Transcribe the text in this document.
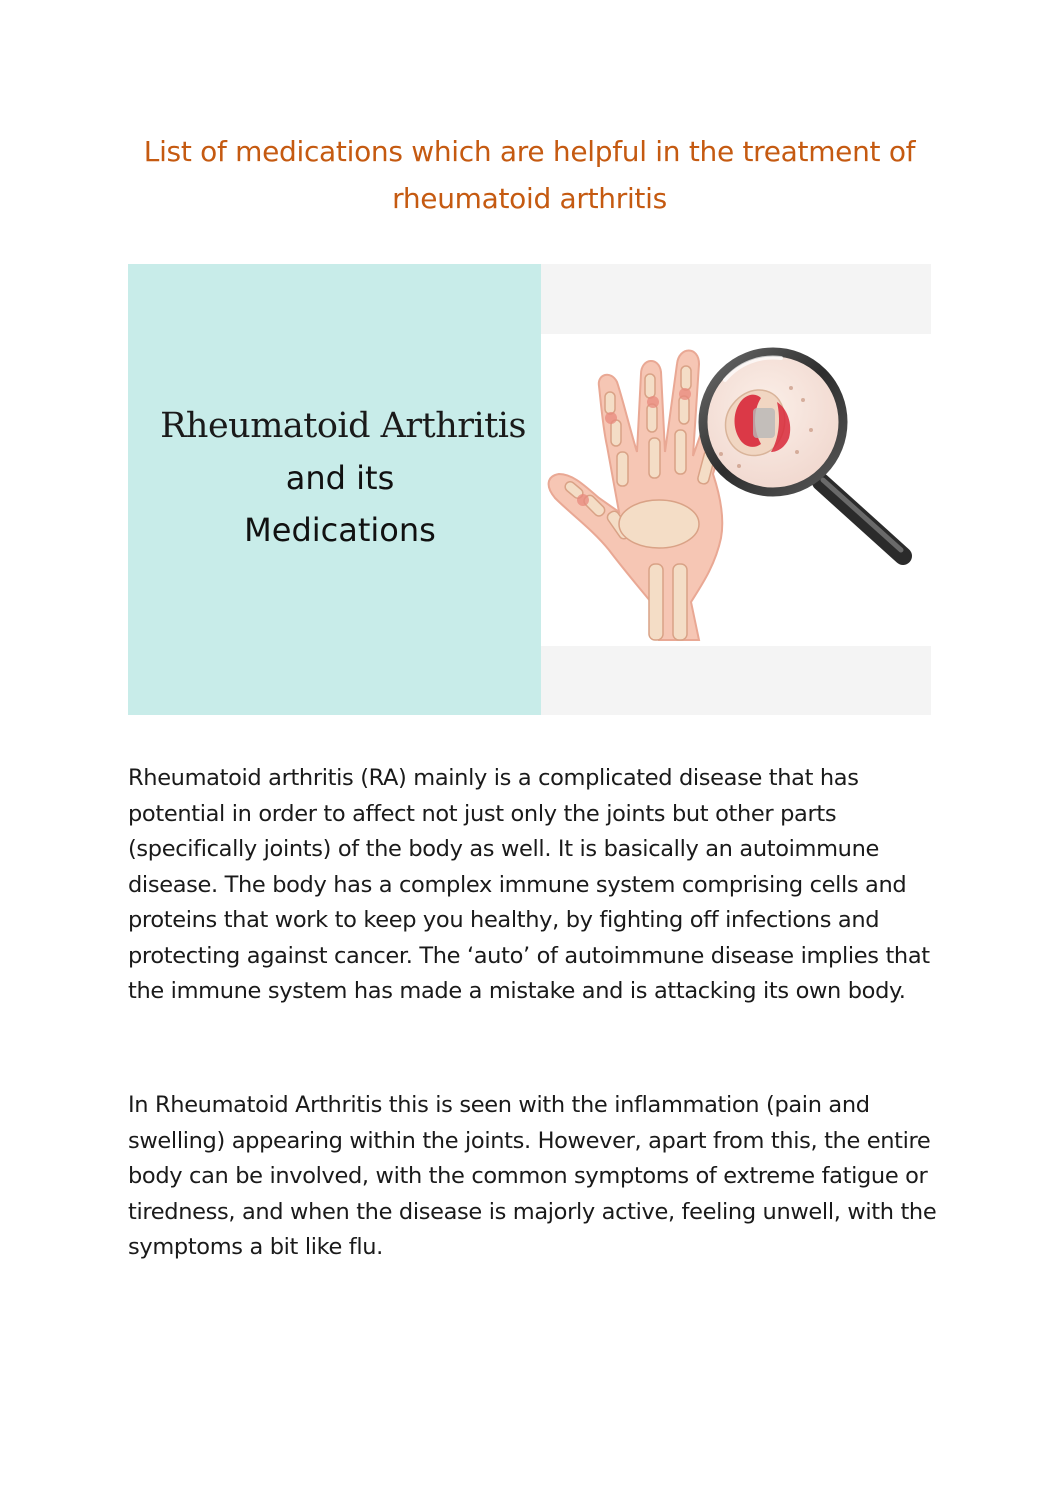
List of medications which are helpful in the treatment of rheumatoid arthritis
Rheumatoid Arthritis
and its
Medications

Rheumatoid arthritis (RA) mainly is a complicated disease that has potential in order to affect not just only the joints but other parts (specifically joints) of the body as well. It is basically an autoimmune disease. The body has a complex immune system comprising cells and proteins that work to keep you healthy, by fighting off infections and protecting against cancer. The ‘auto’ of autoimmune disease implies that the immune system has made a mistake and is attacking its own body.

In Rheumatoid Arthritis this is seen with the inflammation (pain and swelling) appearing within the joints. However, apart from this, the entire body can be involved, with the common symptoms of extreme fatigue or tiredness, and when the disease is majorly active, feeling unwell, with the symptoms a bit like flu.
